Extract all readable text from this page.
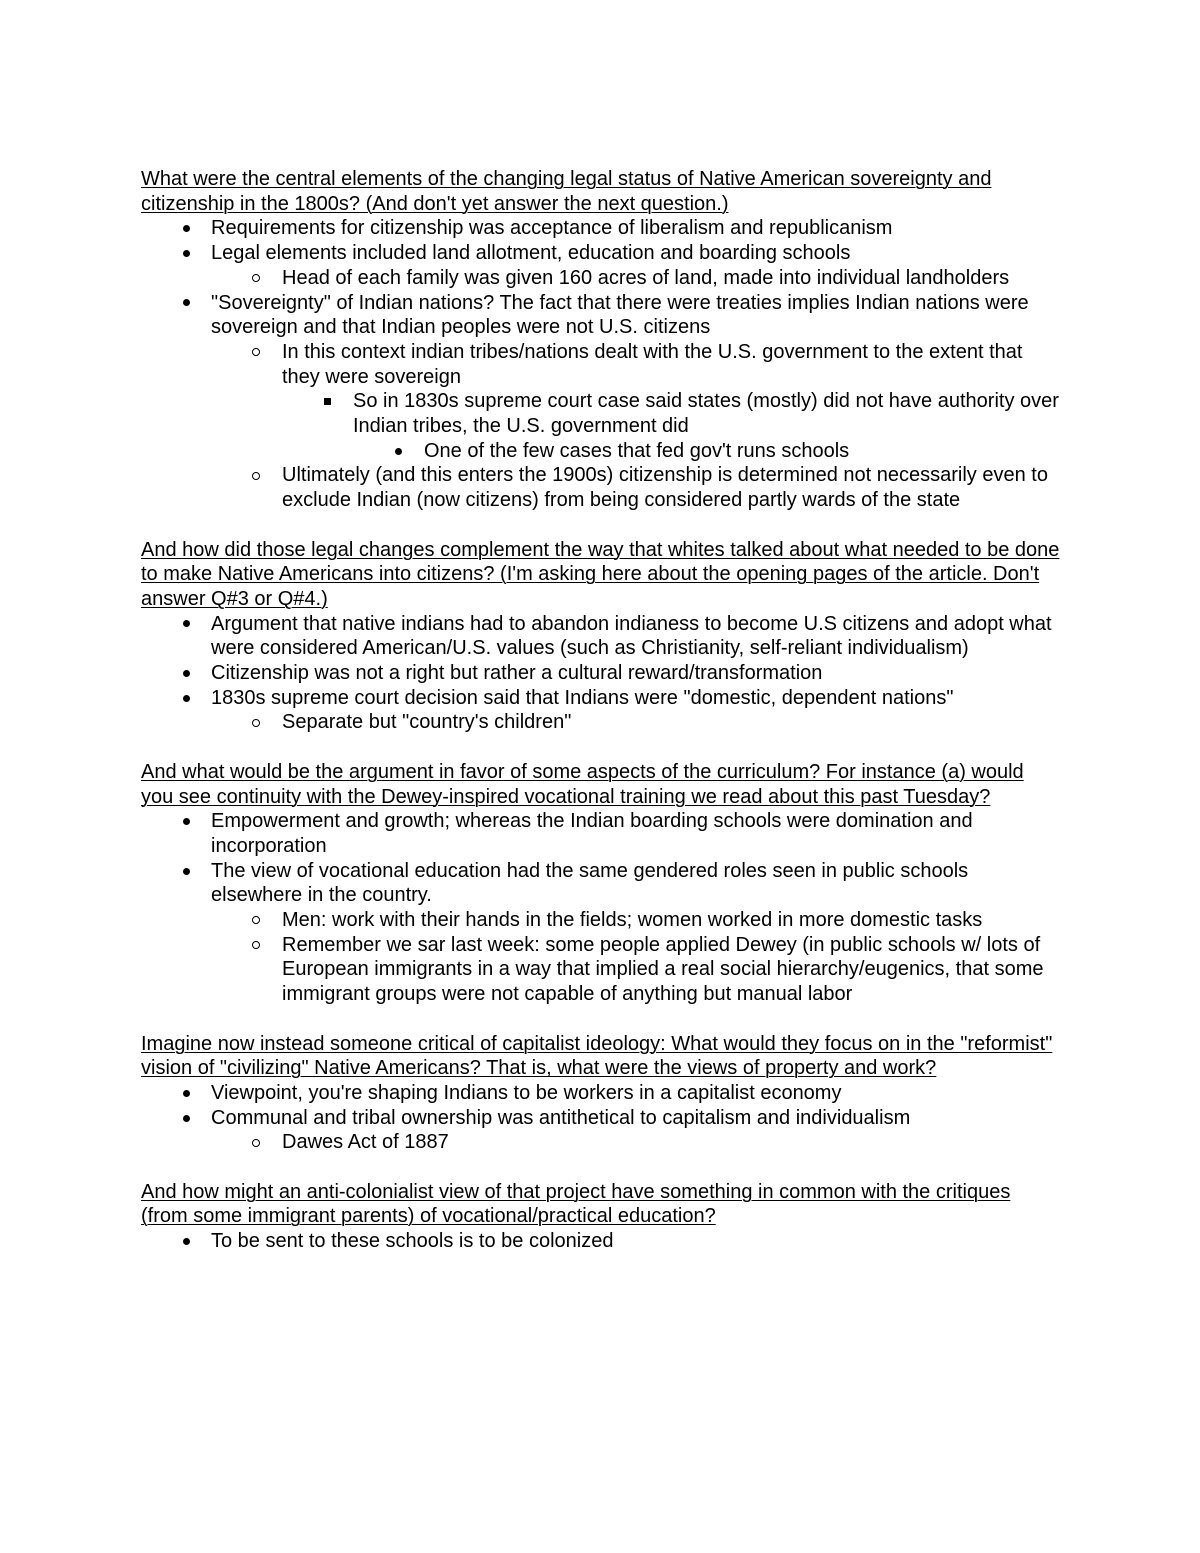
What were the central elements of the changing legal status of Native American sovereignty and citizenship in the 1800s? (And don't yet answer the next question.)

Requirements for citizenship was acceptance of liberalism and republicanism
Legal elements included land allotment, education and boarding schools
Head of each family was given 160 acres of land, made into individual landholders
"Sovereignty" of Indian nations? The fact that there were treaties implies Indian nations were sovereign and that Indian peoples were not U.S. citizens
In this context indian tribes/nations dealt with the U.S. government to the extent that they were sovereign
So in 1830s supreme court case said states (mostly) did not have authority over Indian tribes, the U.S. government did
One of the few cases that fed gov't runs schools
Ultimately (and this enters the 1900s) citizenship is determined not necessarily even to exclude Indian (now citizens) from being considered partly wards of the state

And how did those legal changes complement the way that whites talked about what needed to be done to make Native Americans into citizens? (I'm asking here about the opening pages of the article. Don't answer Q#3 or Q#4.)

Argument that native indians had to abandon indianess to become U.S citizens and adopt what were considered American/U.S. values (such as Christianity, self-reliant individualism)
Citizenship was not a right but rather a cultural reward/transformation
1830s supreme court decision said that Indians were "domestic, dependent nations"
Separate but "country's children"

And what would be the argument in favor of some aspects of the curriculum? For instance (a) would you see continuity with the Dewey-inspired vocational training we read about this past Tuesday?

Empowerment and growth; whereas the Indian boarding schools were domination and incorporation
The view of vocational education had the same gendered roles seen in public schools elsewhere in the country.
Men: work with their hands in the fields; women worked in more domestic tasks
Remember we sar last week: some people applied Dewey (in public schools w/ lots of European immigrants in a way that implied a real social hierarchy/eugenics, that some immigrant groups were not capable of anything but manual labor

Imagine now instead someone critical of capitalist ideology: What would they focus on in the "reformist" vision of "civilizing" Native Americans? That is, what were the views of property and work?

Viewpoint, you're shaping Indians to be workers in a capitalist economy
Communal and tribal ownership was antithetical to capitalism and individualism
Dawes Act of 1887

And how might an anti-colonialist view of that project have something in common with the critiques (from some immigrant parents) of vocational/practical education?

To be sent to these schools is to be colonized
